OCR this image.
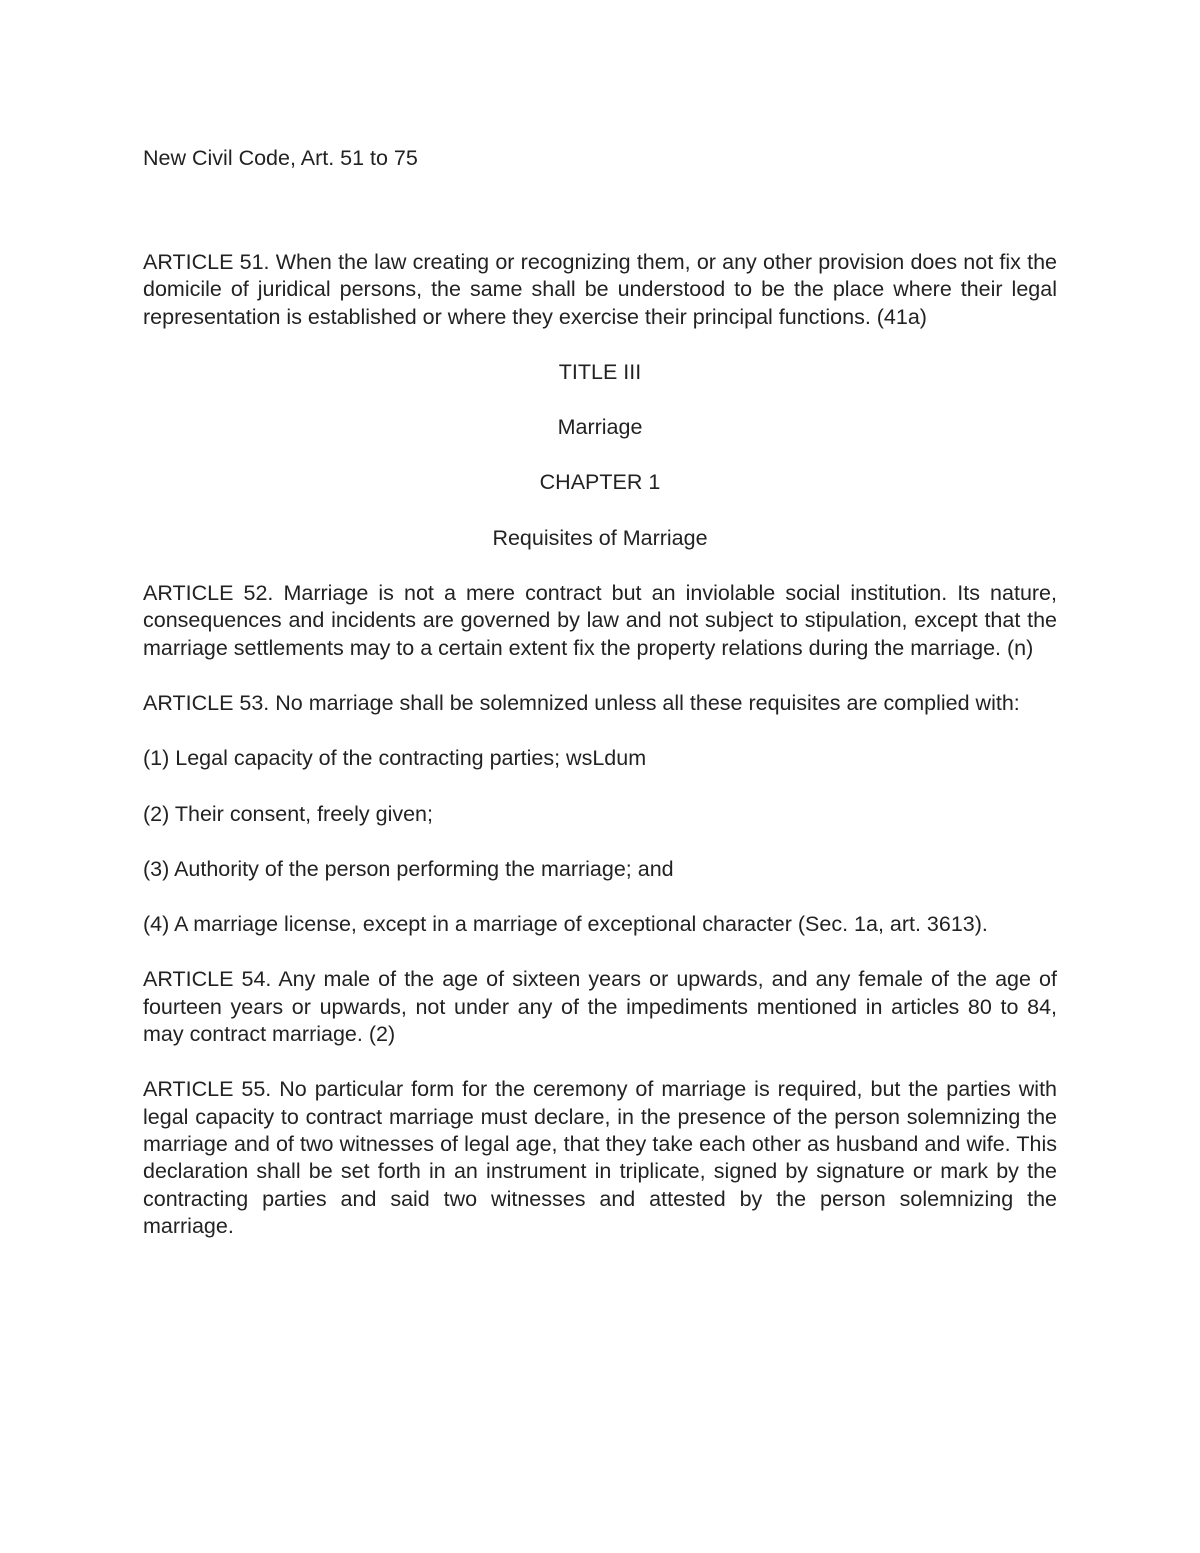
New Civil Code, Art. 51 to 75

ARTICLE 51. When the law creating or recognizing them, or any other provision does not fix the domicile of juridical persons, the same shall be understood to be the place where their legal representation is established or where they exercise their principal functions. (41a)

TITLE III

Marriage

CHAPTER 1

Requisites of Marriage

ARTICLE 52. Marriage is not a mere contract but an inviolable social institution. Its nature, consequences and incidents are governed by law and not subject to stipulation, except that the marriage settlements may to a certain extent fix the property relations during the marriage. (n)

ARTICLE 53. No marriage shall be solemnized unless all these requisites are complied with:

(1) Legal capacity of the contracting parties; wsLdum

(2) Their consent, freely given;

(3) Authority of the person performing the marriage; and

(4) A marriage license, except in a marriage of exceptional character (Sec. 1a, art. 3613).

ARTICLE 54. Any male of the age of sixteen years or upwards, and any female of the age of fourteen years or upwards, not under any of the impediments mentioned in articles 80 to 84, may contract marriage. (2)

ARTICLE 55. No particular form for the ceremony of marriage is required, but the parties with legal capacity to contract marriage must declare, in the presence of the person solemnizing the marriage and of two witnesses of legal age, that they take each other as husband and wife. This declaration shall be set forth in an instrument in triplicate, signed by signature or mark by the contracting parties and said two witnesses and attested by the person solemnizing the marriage.
